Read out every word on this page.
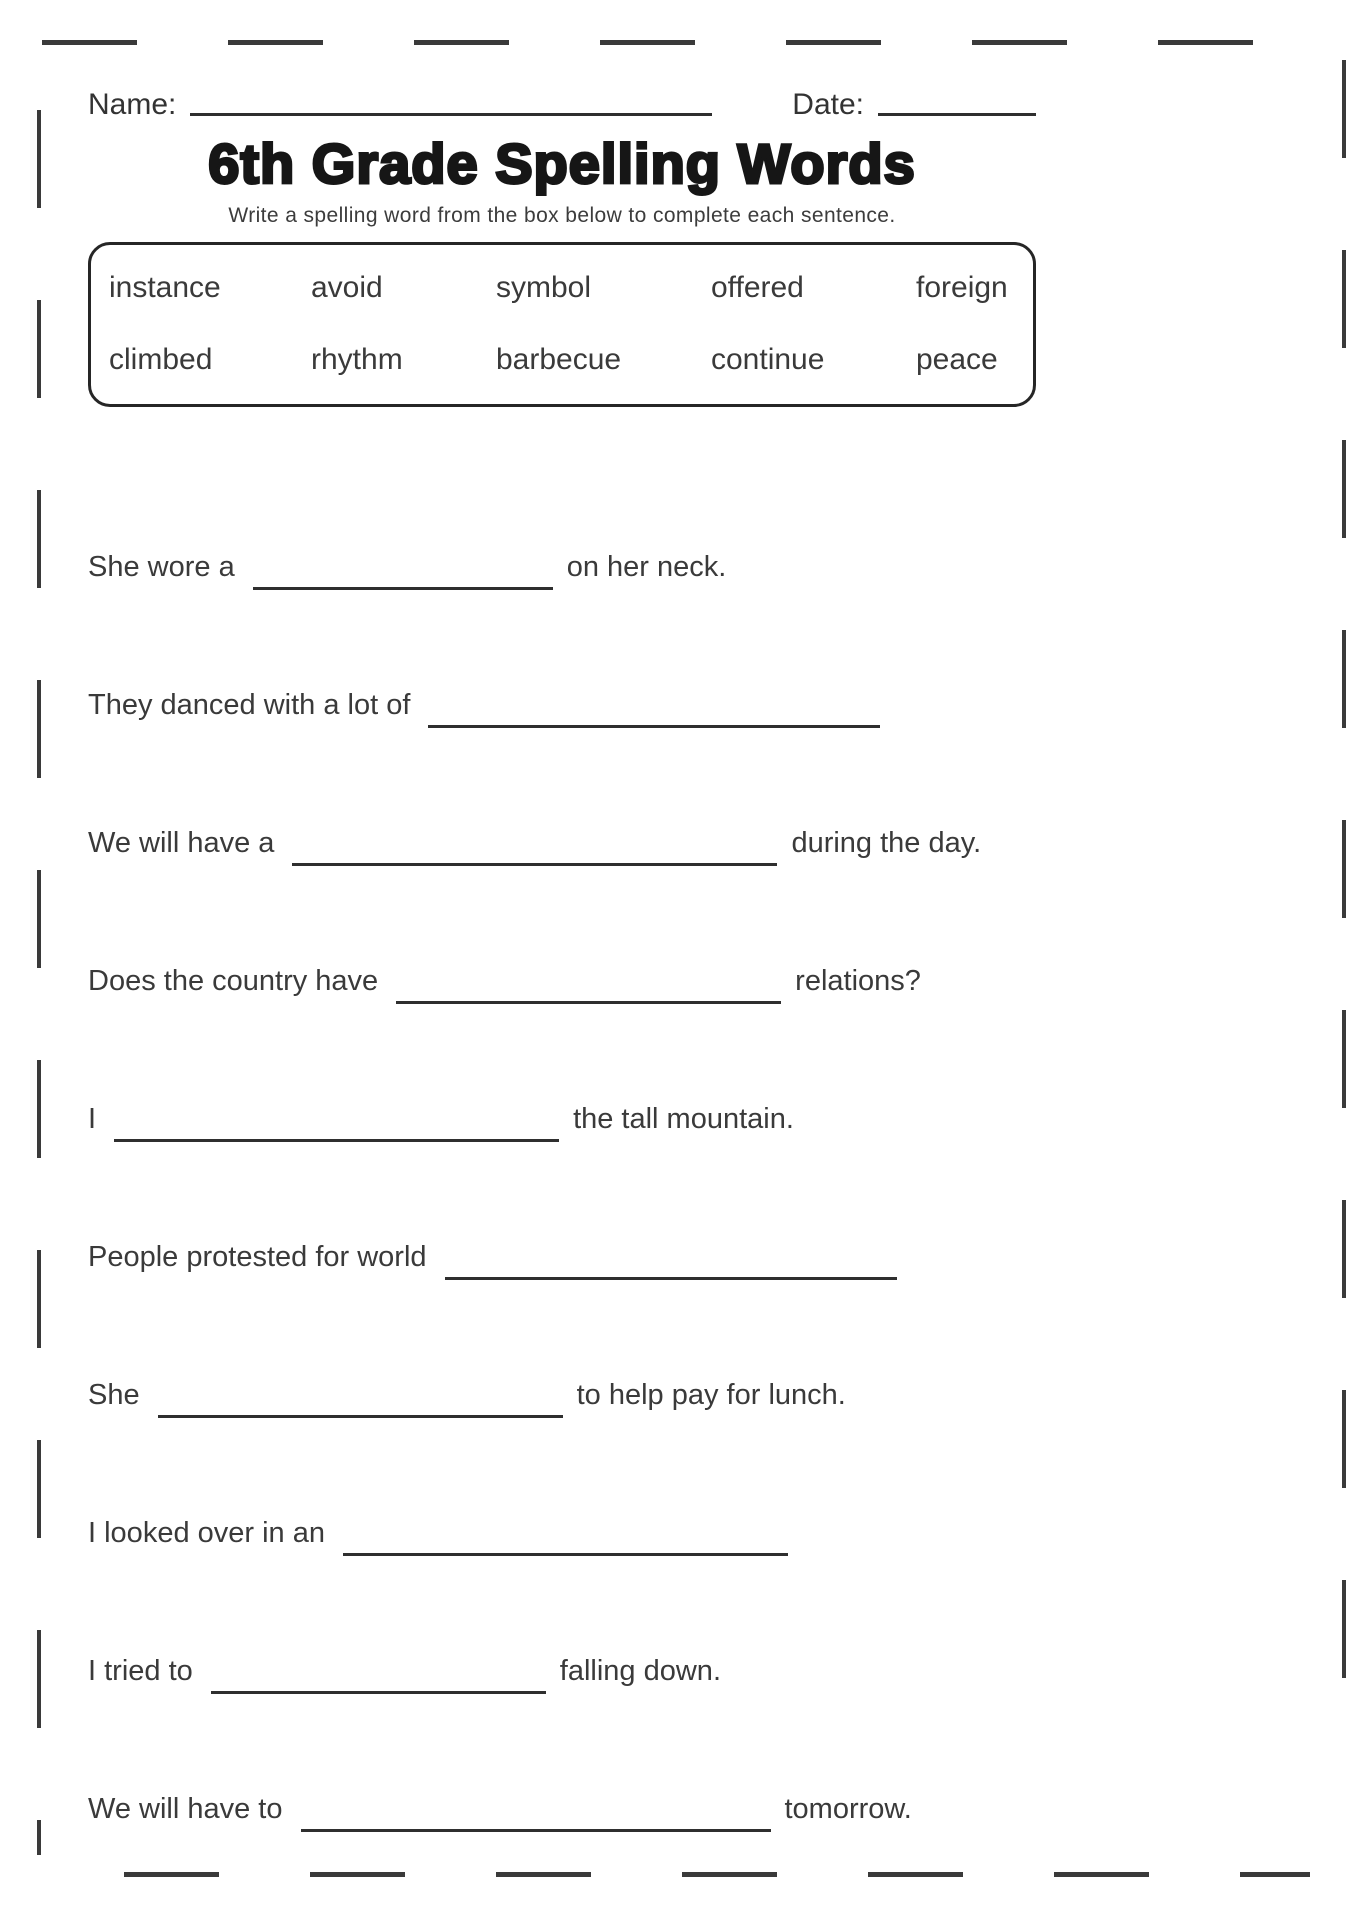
Name:	Date:
6th Grade Spelling Words
Write a spelling word from the box below to complete each sentence.
instance	avoid	symbol	offered	foreign
climbed	rhythm	barbecue	continue	peace
She wore a	on her neck.
They danced with a lot of
We will have a	during the day.
Does the country have	relations?
I	the tall mountain.
People protested for world
She	to help pay for lunch.
I looked over in an
I tried to	falling down.
We will have to	tomorrow.
